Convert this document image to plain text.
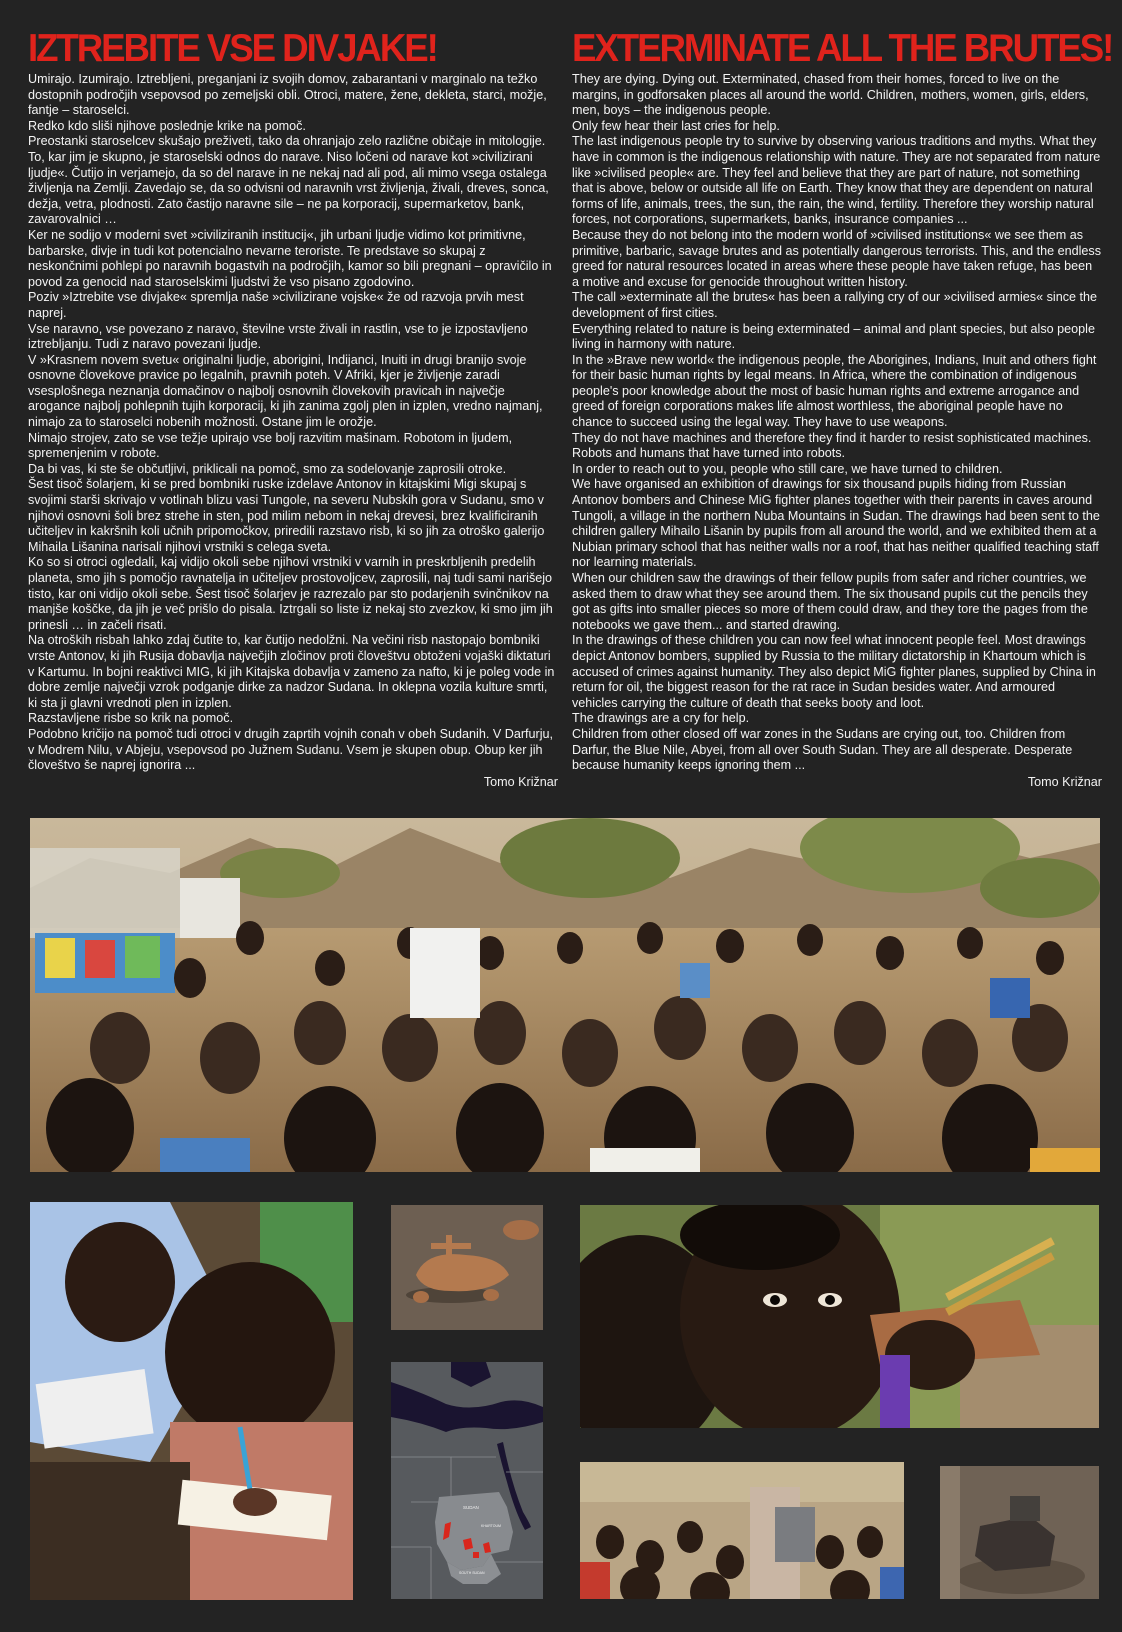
IZTREBITE VSE DIVJAKE!

Umirajo. Izumirajo. Iztrebljeni, preganjani iz svojih domov, zabarantani v marginalo na težko dostopnih področjih vsepovsod po zemeljski obli. Otroci, matere, žene, dekleta, starci, možje, fantje – staroselci.

Redko kdo sliši njihove poslednje krike na pomoč.

Preostanki staroselcev skušajo preživeti, tako da ohranjajo zelo različne običaje in mitologije. To, kar jim je skupno, je staroselski odnos do narave. Niso ločeni od narave kot »civilizirani ljudje«. Čutijo in verjamejo, da so del narave in ne nekaj nad ali pod, ali mimo vsega ostalega življenja na Zemlji. Zavedajo se, da so odvisni od naravnih vrst življenja, živali, dreves, sonca, dežja, vetra, plodnosti. Zato častijo naravne sile – ne pa korporacij, supermarketov, bank, zavarovalnici …

Ker ne sodijo v moderni svet »civiliziranih institucij«, jih urbani ljudje vidimo kot primitivne, barbarske, divje in tudi kot potencialno nevarne teroriste. Te predstave so skupaj z neskončnimi pohlepi po naravnih bogastvih na področjih, kamor so bili pregnani – opravičilo in povod za genocid nad staroselskimi ljudstvi že vso pisano zgodovino.

Poziv »Iztrebite vse divjake« spremlja naše »civilizirane vojske« že od razvoja prvih mest naprej.

Vse naravno, vse povezano z naravo, številne vrste živali in rastlin, vse to je izpostavljeno iztrebljanju. Tudi z naravo povezani ljudje.

V »Krasnem novem svetu« originalni ljudje, aborigini, Indijanci, Inuiti in drugi branijo svoje osnovne človekove pravice po legalnih, pravnih poteh. V Afriki, kjer je življenje zaradi vsesplošnega neznanja domačinov o najbolj osnovnih človekovih pravicah in največje arogance najbolj pohlepnih tujih korporacij, ki jih zanima zgolj plen in izplen, vredno najmanj, nimajo za to staroselci nobenih možnosti. Ostane jim le orožje.

Nimajo strojev, zato se vse težje upirajo vse bolj razvitim mašinam. Robotom in ljudem, spremenjenim v robote.

Da bi vas, ki ste še občutljivi, priklicali na pomoč, smo za sodelovanje zaprosili otroke.

Šest tisoč šolarjem, ki se pred bombniki ruske izdelave Antonov in kitajskimi Migi skupaj s svojimi starši skrivajo v votlinah blizu vasi Tungole, na severu Nubskih gora v Sudanu, smo v njihovi osnovni šoli brez strehe in sten, pod milim nebom in nekaj drevesi, brez kvalificiranih učiteljev in kakršnih koli učnih pripomočkov, priredili razstavo risb, ki so jih za otroško galerijo Mihaila Lišanina narisali njihovi vrstniki s celega sveta.

Ko so si otroci ogledali, kaj vidijo okoli sebe njihovi vrstniki v varnih in preskrbljenih predelih planeta, smo jih s pomočjo ravnatelja in učiteljev prostovoljcev, zaprosili, naj tudi sami narišejo tisto, kar oni vidijo okoli sebe. Šest tisoč šolarjev je razrezalo par sto podarjenih svinčnikov na manjše koščke, da jih je več prišlo do pisala. Iztrgali so liste iz nekaj sto zvezkov, ki smo jim jih prinesli … in začeli risati.

Na otroških risbah lahko zdaj čutite to, kar čutijo nedolžni. Na večini risb nastopajo bombniki vrste Antonov, ki jih Rusija dobavlja največjih zločinov proti človeštvu obtoženi vojaški diktaturi v Kartumu. In bojni reaktivci MIG, ki jih Kitajska dobavlja v zameno za nafto, ki je poleg vode in dobre zemlje največji vzrok podganje dirke za nadzor Sudana. In oklepna vozila kulture smrti, ki sta ji glavni vrednoti plen in izplen.

Razstavljene risbe so krik na pomoč.

Podobno kričijo na pomoč tudi otroci v drugih zaprtih vojnih conah v obeh Sudanih. V Darfurju, v Modrem Nilu, v Abjeju, vsepovsod po Južnem Sudanu. Vsem je skupen obup. Obup ker jih človeštvo še naprej ignorira ...

Tomo Križnar
EXTERMINATE ALL THE BRUTES!

They are dying. Dying out. Exterminated, chased from their homes, forced to live on the margins, in godforsaken places all around the world. Children, mothers, women, girls, elders, men, boys – the indigenous people.

Only few hear their last cries for help.

The last indigenous people try to survive by observing various traditions and myths. What they have in common is the indigenous relationship with nature. They are not separated from nature like »civilised people« are. They feel and believe that they are part of nature, not something that is above, below or outside all life on Earth. They know that they are dependent on natural forms of life, animals, trees, the sun, the rain, the wind, fertility. Therefore they worship natural forces, not corporations, supermarkets, banks, insurance companies ...

Because they do not belong into the modern world of »civilised institutions« we see them as primitive, barbaric, savage brutes and as potentially dangerous terrorists. This, and the endless greed for natural resources located in areas where these people have taken refuge, has been a motive and excuse for genocide throughout written history.

The call »exterminate all the brutes« has been a rallying cry of our »civilised armies« since the development of first cities.

Everything related to nature is being exterminated – animal and plant species, but also people living in harmony with nature.

In the »Brave new world« the indigenous people, the Aborigines, Indians, Inuit and others fight for their basic human rights by legal means. In Africa, where the combination of indigenous people's poor knowledge about the most of basic human rights and extreme arrogance and greed of foreign corporations makes life almost worthless, the aboriginal people have no chance to succeed using the legal way. They have to use weapons.

They do not have machines and therefore they find it harder to resist sophisticated machines. Robots and humans that have turned into robots.

In order to reach out to you, people who still care, we have turned to children.

We have organised an exhibition of drawings for six thousand pupils hiding from Russian Antonov bombers and Chinese MiG fighter planes together with their parents in caves around Tungoli, a village in the northern Nuba Mountains in Sudan. The drawings had been sent to the children gallery Mihailo Lišanin by pupils from all around the world, and we exhibited them at a Nubian primary school that has neither walls nor a roof, that has neither qualified teaching staff nor learning materials.

When our children saw the drawings of their fellow pupils from safer and richer countries, we asked them to draw what they see around them. The six thousand pupils cut the pencils they got as gifts into smaller pieces so more of them could draw, and they tore the pages from the notebooks we gave them... and started drawing.

In the drawings of these children you can now feel what innocent people feel. Most drawings depict Antonov bombers, supplied by Russia to the military dictatorship in Khartoum which is accused of crimes against humanity. They also depict MiG fighter planes, supplied by China in return for oil, the biggest reason for the rat race in Sudan besides water. And armoured vehicles carrying the culture of death that seeks booty and loot.

The drawings are a cry for help.

Children from other closed off war zones in the Sudans are crying out, too. Children from Darfur, the Blue Nile, Abyei, from all over South Sudan. They are all desperate. Desperate because humanity keeps ignoring them ...

Tomo Križnar
SUDAN
KHARTOUM
SOUTH SUDAN
